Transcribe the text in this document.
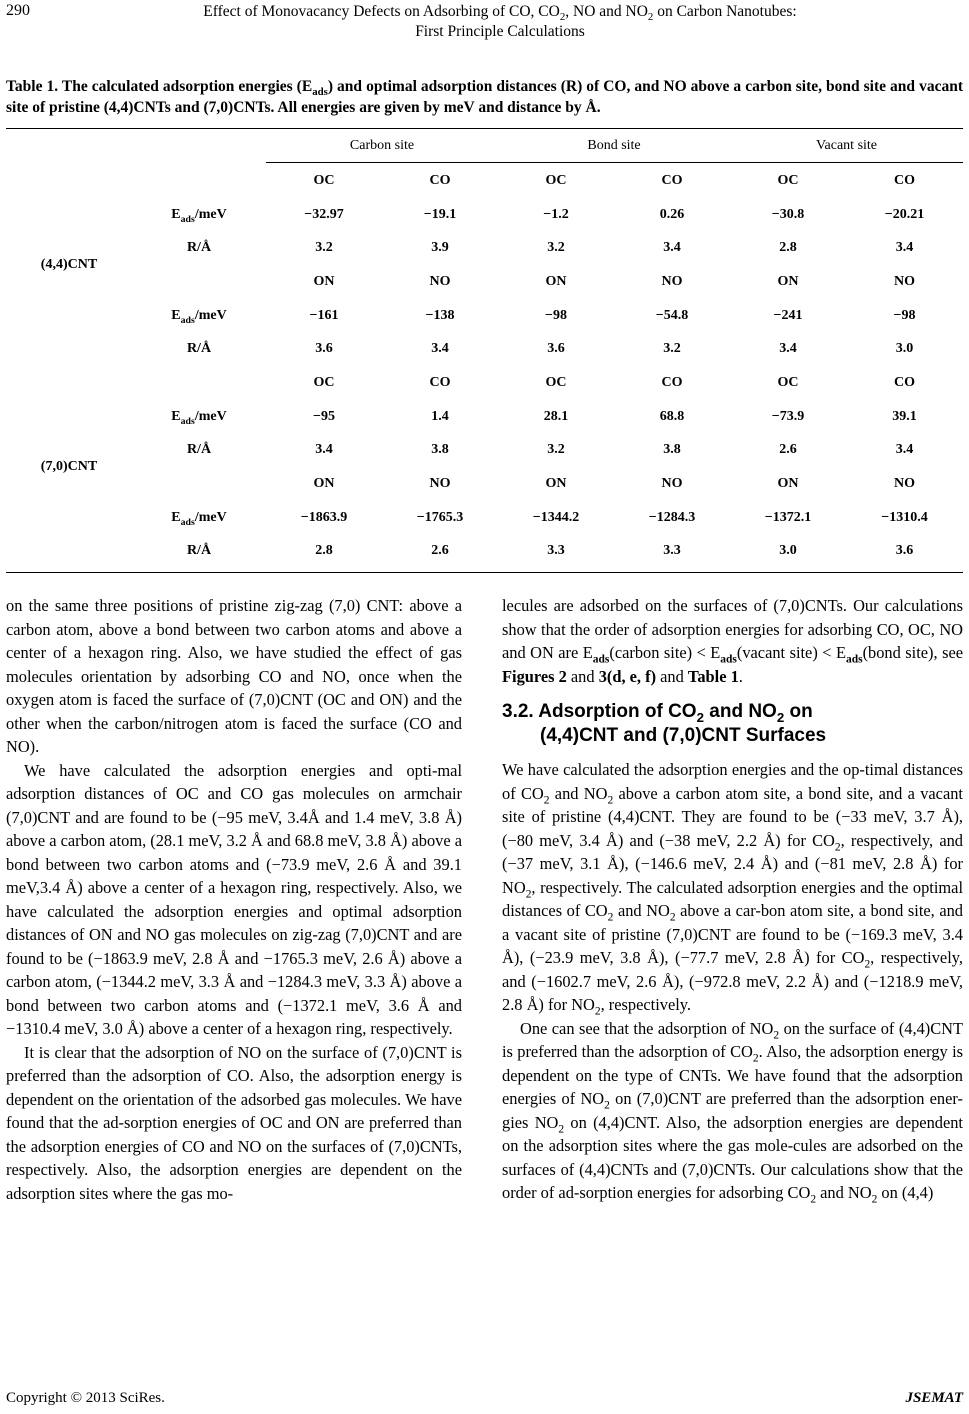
290	Effect of Monovacancy Defects on Adsorbing of CO, $CO_2$, NO and $NO_2$ on Carbon Nanotubes:
First Principle Calculations
Table 1. The calculated adsorption energies $(E_{ads})$ and optimal adsorption distances (R) of CO, and NO above a carbon site, bond site and vacant site of pristine (4,4)CNTs and (7,0)CNTs. All energies are given by meV and distance by Å.
		Carbon site		Bond site		Vacant site	
(4,4)CNT		OC	CO	OC	CO	OC	CO
	$E_{ads}$/meV	−32.97	−19.1	−1.2	0.26	−30.8	−20.21
	R/Å	3.2	3.9	3.2	3.4	2.8	3.4
		ON	NO	ON	NO	ON	NO
	$E_{ads}$/meV	−161	−138	−98	−54.8	−241	−98
	R/Å	3.6	3.4	3.6	3.2	3.4	3.0
(7,0)CNT		OC	CO	OC	CO	OC	CO
	$E_{ads}$/meV	−95	1.4	28.1	68.8	−73.9	39.1
	R/Å	3.4	3.8	3.2	3.8	2.6	3.4
		ON	NO	ON	NO	ON	NO
	$E_{ads}$/meV	−1863.9	−1765.3	−1344.2	−1284.3	−1372.1	−1310.4
	R/Å	2.8	2.6	3.3	3.3	3.0	3.6

on the same three positions of pristine zig-zag (7,0) CNT: above a carbon atom, above a bond between two carbon atoms and above a center of a hexagon ring. Also, we have studied the effect of gas molecules orientation by adsorbing CO and NO, once when the oxygen atom is faced the surface of (7,0)CNT (OC and ON) and the other when the carbon/nitrogen atom is faced the surface (CO and NO).

We have calculated the adsorption energies and opti-mal adsorption distances of OC and CO gas molecules on armchair (7,0)CNT and are found to be (−95 meV, 3.4Å and 1.4 meV, 3.8 Å) above a carbon atom, (28.1 meV, 3.2 Å and 68.8 meV, 3.8 Å) above a bond between two carbon atoms and (−73.9 meV, 2.6 Å and 39.1 meV,3.4 Å) above a center of a hexagon ring, respectively. Also, we have calculated the adsorption energies and optimal adsorption distances of ON and NO gas molecules on zig-zag (7,0)CNT and are found to be (−1863.9 meV, 2.8 Å and −1765.3 meV, 2.6 Å) above a carbon atom, (−1344.2 meV, 3.3 Å and −1284.3 meV, 3.3 Å) above a bond between two carbon atoms and (−1372.1 meV, 3.6 Å and −1310.4 meV, 3.0 Å) above a center of a hexagon ring, respectively.

It is clear that the adsorption of NO on the surface of (7,0)CNT is preferred than the adsorption of CO. Also, the adsorption energy is dependent on the orientation of the adsorbed gas molecules. We have found that the ad-sorption energies of OC and ON are preferred than the adsorption energies of CO and NO on the surfaces of (7,0)CNTs, respectively. Also, the adsorption energies are dependent on the adsorption sites where the gas mo-

lecules are adsorbed on the surfaces of (7,0)CNTs. Our calculations show that the order of adsorption energies for adsorbing CO, OC, NO and ON are $E_{ads}(carbon$ site) < $E_{ads}(vacant$ site) < $E_{ads}(bond$ site), see Figures 2 and 3(d, e, f) and Table 1.

3.2. Adsorption of $CO_2$ and $NO_2$ on
(4,4)CNT and (7,0)CNT Surfaces

We have calculated the adsorption energies and the op-timal distances of $CO_2$ and $NO_2$ above a carbon atom site, a bond site, and a vacant site of pristine (4,4)CNT. They are found to be (−33 meV, 3.7 Å), (−80 meV, 3.4 Å) and (−38 meV, 2.2 Å) for $CO_2$, respectively, and (−37 meV, 3.1 Å), (−146.6 meV, 2.4 Å) and (−81 meV, 2.8 Å) for $NO_2$, respectively. The calculated adsorption energies and the optimal distances of $CO_2$ and $NO_2$ above a car-bon atom site, a bond site, and a vacant site of pristine (7,0)CNT are found to be (−169.3 meV, 3.4 Å), (−23.9 meV, 3.8 Å), (−77.7 meV, 2.8 Å) for $CO_2$, respectively, and (−1602.7 meV, 2.6 Å), (−972.8 meV, 2.2 Å) and (−1218.9 meV, 2.8 Å) for $NO_2$, respectively.

One can see that the adsorption of $NO_2$ on the surface of (4,4)CNT is preferred than the adsorption of $CO_2$. Also, the adsorption energy is dependent on the type of CNTs. We have found that the adsorption energies of $NO_2$ on (7,0)CNT are preferred than the adsorption ener-gies $NO_2$ on (4,4)CNT. Also, the adsorption energies are dependent on the adsorption sites where the gas mole-cules are adsorbed on the surfaces of (4,4)CNTs and (7,0)CNTs. Our calculations show that the order of ad-sorption energies for adsorbing $CO_2$ and $NO_2$ on (4,4)

Copyright © 2013 SciRes.	JSEMAT
